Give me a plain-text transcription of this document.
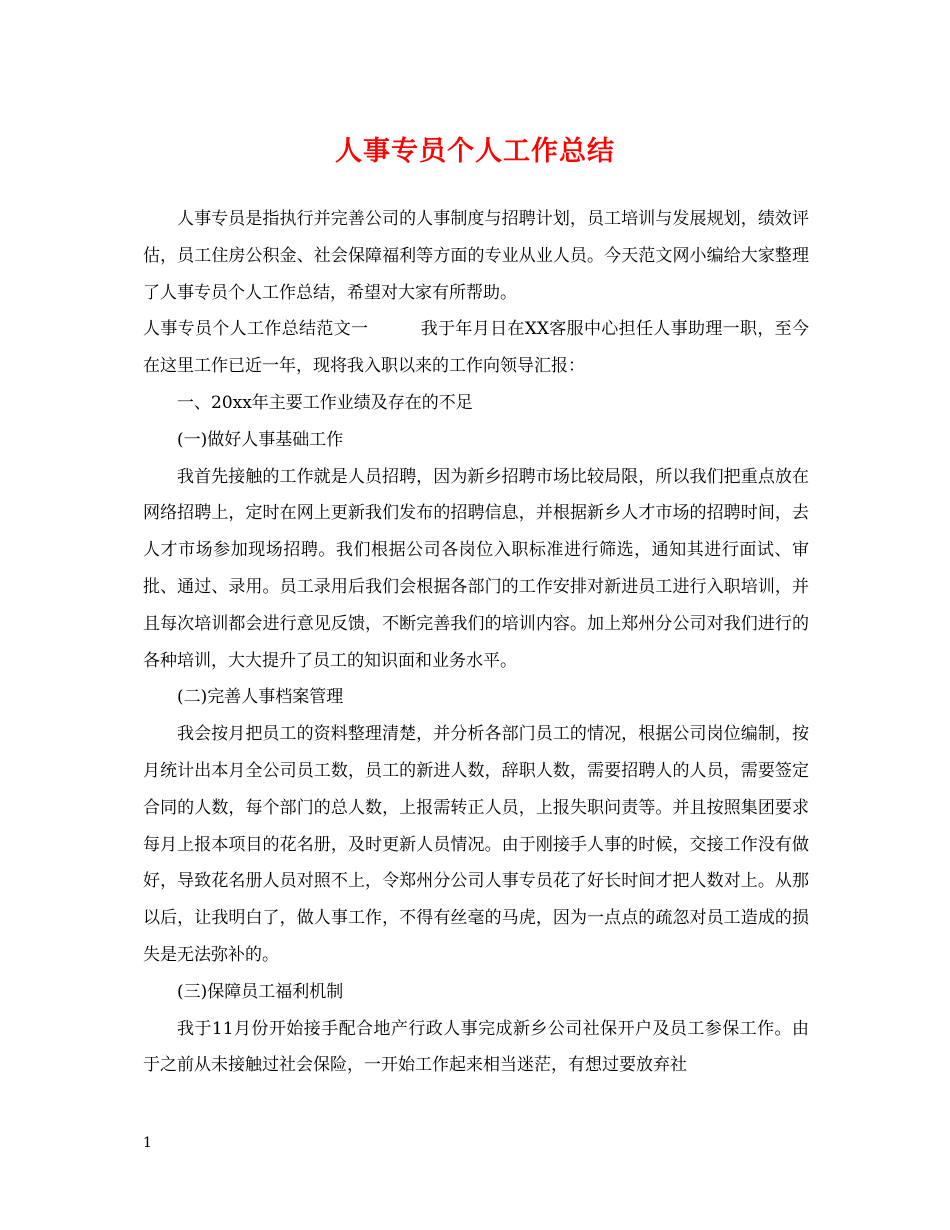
人事专员个人工作总结

人事专员是指执行并完善公司的人事制度与招聘计划，员工培训与发展规划，绩效评估，员工住房公积金、社会保障福利等方面的专业从业人员。今天范文网小编给大家整理了人事专员个人工作总结，希望对大家有所帮助。

人事专员个人工作总结范文一	我于年月日在XX客服中心担任人事助理一职，至今在这里工作已近一年，现将我入职以来的工作向领导汇报：

一、20xx年主要工作业绩及存在的不足

(一)做好人事基础工作

我首先接触的工作就是人员招聘，因为新乡招聘市场比较局限，所以我们把重点放在网络招聘上，定时在网上更新我们发布的招聘信息，并根据新乡人才市场的招聘时间，去人才市场参加现场招聘。我们根据公司各岗位入职标准进行筛选，通知其进行面试、审批、通过、录用。员工录用后我们会根据各部门的工作安排对新进员工进行入职培训，并且每次培训都会进行意见反馈，不断完善我们的培训内容。加上郑州分公司对我们进行的各种培训，大大提升了员工的知识面和业务水平。

(二)完善人事档案管理

我会按月把员工的资料整理清楚，并分析各部门员工的情况，根据公司岗位编制，按月统计出本月全公司员工数，员工的新进人数，辞职人数，需要招聘人的人员，需要签定合同的人数，每个部门的总人数，上报需转正人员，上报失职问责等。并且按照集团要求每月上报本项目的花名册，及时更新人员情况。由于刚接手人事的时候，交接工作没有做好，导致花名册人员对照不上，令郑州分公司人事专员花了好长时间才把人数对上。从那以后，让我明白了，做人事工作，不得有丝毫的马虎，因为一点点的疏忽对员工造成的损失是无法弥补的。

(三)保障员工福利机制

我于11月份开始接手配合地产行政人事完成新乡公司社保开户及员工参保工作。由于之前从未接触过社会保险，一开始工作起来相当迷茫，有想过要放弃社

1
